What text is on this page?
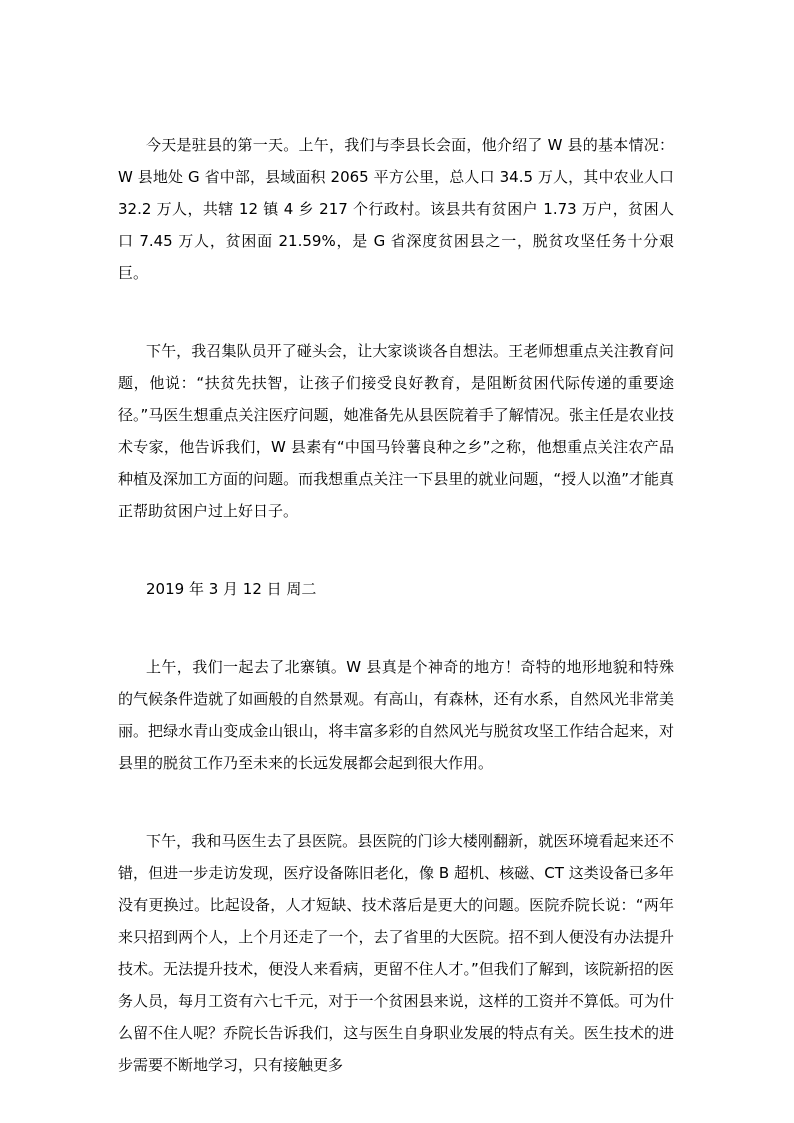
今天是驻县的第一天。上午，我们与李县长会面，他介绍了 W 县的基本情况：W 县地处 G 省中部，县域面积 2065 平方公里，总人口 34.5 万人，其中农业人口 32.2 万人，共辖 12 镇 4 乡 217 个行政村。该县共有贫困户 1.73 万户，贫困人口 7.45 万人，贫困面 21.59%，是 G 省深度贫困县之一，脱贫攻坚任务十分艰巨。

下午，我召集队员开了碰头会，让大家谈谈各自想法。王老师想重点关注教育问题，他说：“扶贫先扶智，让孩子们接受良好教育，是阻断贫困代际传递的重要途径。”马医生想重点关注医疗问题，她准备先从县医院着手了解情况。张主任是农业技术专家，他告诉我们，W 县素有“中国马铃薯良种之乡”之称，他想重点关注农产品种植及深加工方面的问题。而我想重点关注一下县里的就业问题，“授人以渔”才能真正帮助贫困户过上好日子。

2019 年 3 月 12 日 周二

上午，我们一起去了北寨镇。W 县真是个神奇的地方！奇特的地形地貌和特殊的气候条件造就了如画般的自然景观。有高山，有森林，还有水系，自然风光非常美丽。把绿水青山变成金山银山，将丰富多彩的自然风光与脱贫攻坚工作结合起来，对县里的脱贫工作乃至未来的长远发展都会起到很大作用。

下午，我和马医生去了县医院。县医院的门诊大楼刚翻新，就医环境看起来还不错，但进一步走访发现，医疗设备陈旧老化，像 B 超机、核磁、CT 这类设备已多年没有更换过。比起设备，人才短缺、技术落后是更大的问题。医院乔院长说：“两年来只招到两个人，上个月还走了一个，去了省里的大医院。招不到人便没有办法提升技术。无法提升技术，便没人来看病，更留不住人才。”但我们了解到，该院新招的医务人员，每月工资有六七千元，对于一个贫困县来说，这样的工资并不算低。可为什么留不住人呢？乔院长告诉我们，这与医生自身职业发展的特点有关。医生技术的进步需要不断地学习，只有接触更多
